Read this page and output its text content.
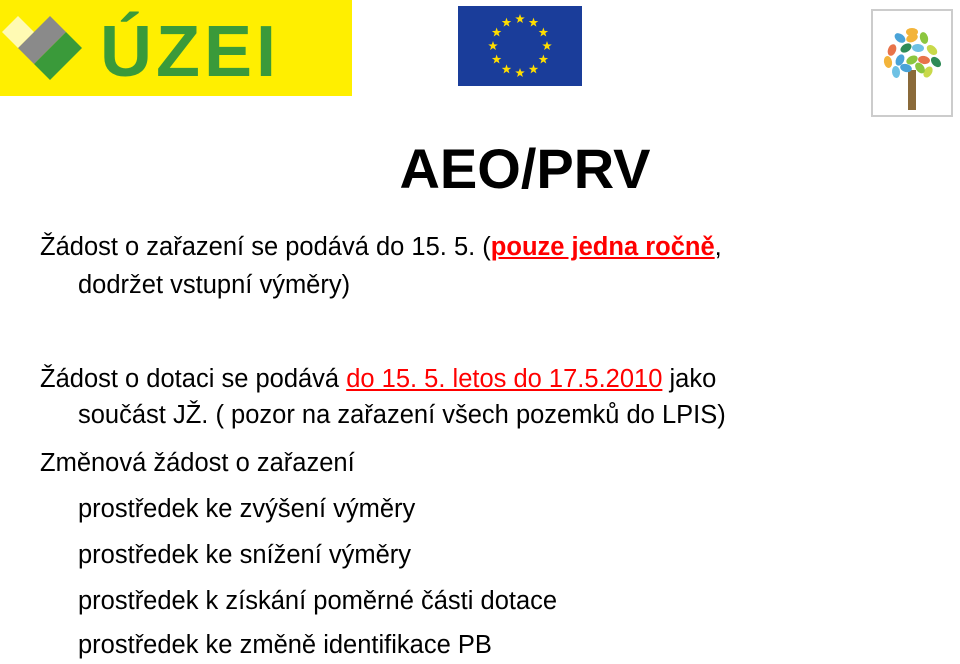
ÚZEI
AEO/PRV

Žádost o zařazení se podává do 15. 5. (pouze jedna ročně,

dodržet vstupní výměry)

Žádost o dotaci se podává do 15. 5. letos do 17.5.2010 jako

součást JŽ. ( pozor na zařazení všech pozemků do LPIS)

Změnová žádost o zařazení

prostředek ke zvýšení výměry

prostředek ke snížení výměry

prostředek k získání poměrné části dotace

prostředek ke změně identifikace PB
